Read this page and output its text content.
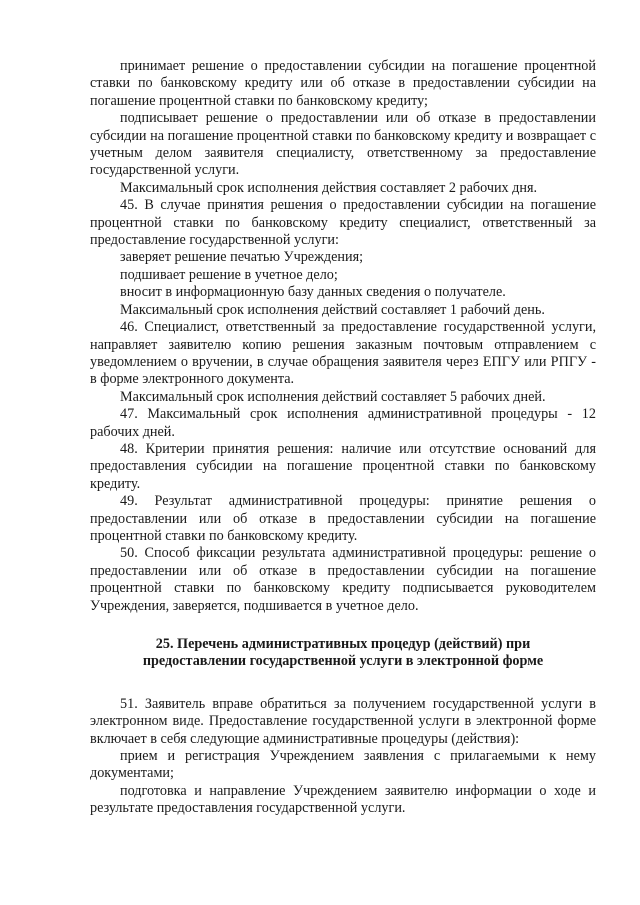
принимает решение о предоставлении субсидии на погашение процентной ставки по банковскому кредиту или об отказе в предоставлении субсидии на погашение процентной ставки по банковскому кредиту;

подписывает решение о предоставлении или об отказе в предоставлении субсидии на погашение процентной ставки по банковскому кредиту и возвращает с учетным делом заявителя специалисту, ответственному за предоставление государственной услуги.

Максимальный срок исполнения действия составляет 2 рабочих дня.

45. В случае принятия решения о предоставлении субсидии на погашение процентной ставки по банковскому кредиту специалист, ответственный за предоставление государственной услуги:

заверяет решение печатью Учреждения;

подшивает решение в учетное дело;

вносит в информационную базу данных сведения о получателе.

Максимальный срок исполнения действий составляет 1 рабочий день.

46. Специалист, ответственный за предоставление государственной услуги, направляет заявителю копию решения заказным почтовым отправлением с уведомлением о вручении, в случае обращения заявителя через ЕПГУ или РПГУ - в форме электронного документа.

Максимальный срок исполнения действий составляет 5 рабочих дней.

47. Максимальный срок исполнения административной процедуры - 12 рабочих дней.

48. Критерии принятия решения: наличие или отсутствие оснований для предоставления субсидии на погашение процентной ставки по банковскому кредиту.

49. Результат административной процедуры: принятие решения о предоставлении или об отказе в предоставлении субсидии на погашение процентной ставки по банковскому кредиту.

50. Способ фиксации результата административной процедуры: решение о предоставлении или об отказе в предоставлении субсидии на погашение процентной ставки по банковскому кредиту подписывается руководителем Учреждения, заверяется, подшивается в учетное дело.

25. Перечень административных процедур (действий) при предоставлении государственной услуги в электронной форме

51. Заявитель вправе обратиться за получением государственной услуги в электронном виде. Предоставление государственной услуги в электронной форме включает в себя следующие административные процедуры (действия):

прием и регистрация Учреждением заявления с прилагаемыми к нему документами;

подготовка и направление Учреждением заявителю информации о ходе и результате предоставления государственной услуги.
